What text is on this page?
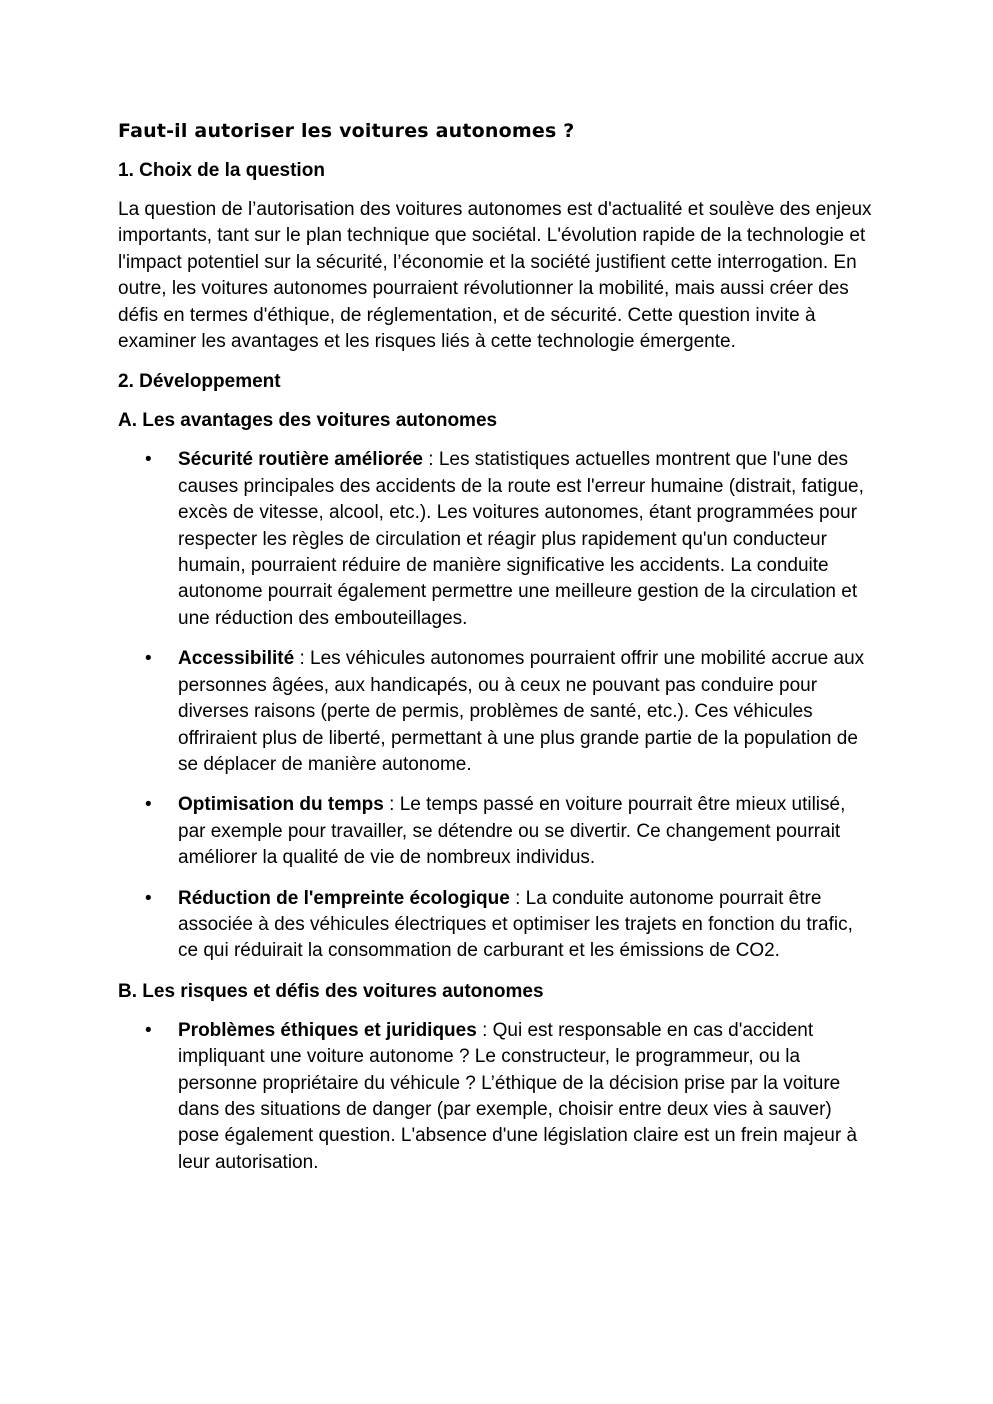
Faut-il autoriser les voitures autonomes ?
1. Choix de la question

La question de l’autorisation des voitures autonomes est d'actualité et soulève des enjeux importants, tant sur le plan technique que sociétal. L'évolution rapide de la technologie et l'impact potentiel sur la sécurité, l’économie et la société justifient cette interrogation. En outre, les voitures autonomes pourraient révolutionner la mobilité, mais aussi créer des défis en termes d'éthique, de réglementation, et de sécurité. Cette question invite à examiner les avantages et les risques liés à cette technologie émergente.

2. Développement
A. Les avantages des voitures autonomes
• Sécurité routière améliorée : Les statistiques actuelles montrent que l'une des causes principales des accidents de la route est l'erreur humaine (distrait, fatigue, excès de vitesse, alcool, etc.). Les voitures autonomes, étant programmées pour respecter les règles de circulation et réagir plus rapidement qu'un conducteur humain, pourraient réduire de manière significative les accidents. La conduite autonome pourrait également permettre une meilleure gestion de la circulation et une réduction des embouteillages.
• Accessibilité : Les véhicules autonomes pourraient offrir une mobilité accrue aux personnes âgées, aux handicapés, ou à ceux ne pouvant pas conduire pour diverses raisons (perte de permis, problèmes de santé, etc.). Ces véhicules offriraient plus de liberté, permettant à une plus grande partie de la population de se déplacer de manière autonome.
• Optimisation du temps : Le temps passé en voiture pourrait être mieux utilisé, par exemple pour travailler, se détendre ou se divertir. Ce changement pourrait améliorer la qualité de vie de nombreux individus.
• Réduction de l'empreinte écologique : La conduite autonome pourrait être associée à des véhicules électriques et optimiser les trajets en fonction du trafic, ce qui réduirait la consommation de carburant et les émissions de CO2.
B. Les risques et défis des voitures autonomes
• Problèmes éthiques et juridiques : Qui est responsable en cas d'accident impliquant une voiture autonome ? Le constructeur, le programmeur, ou la personne propriétaire du véhicule ? L’éthique de la décision prise par la voiture dans des situations de danger (par exemple, choisir entre deux vies à sauver) pose également question. L'absence d'une législation claire est un frein majeur à leur autorisation.
